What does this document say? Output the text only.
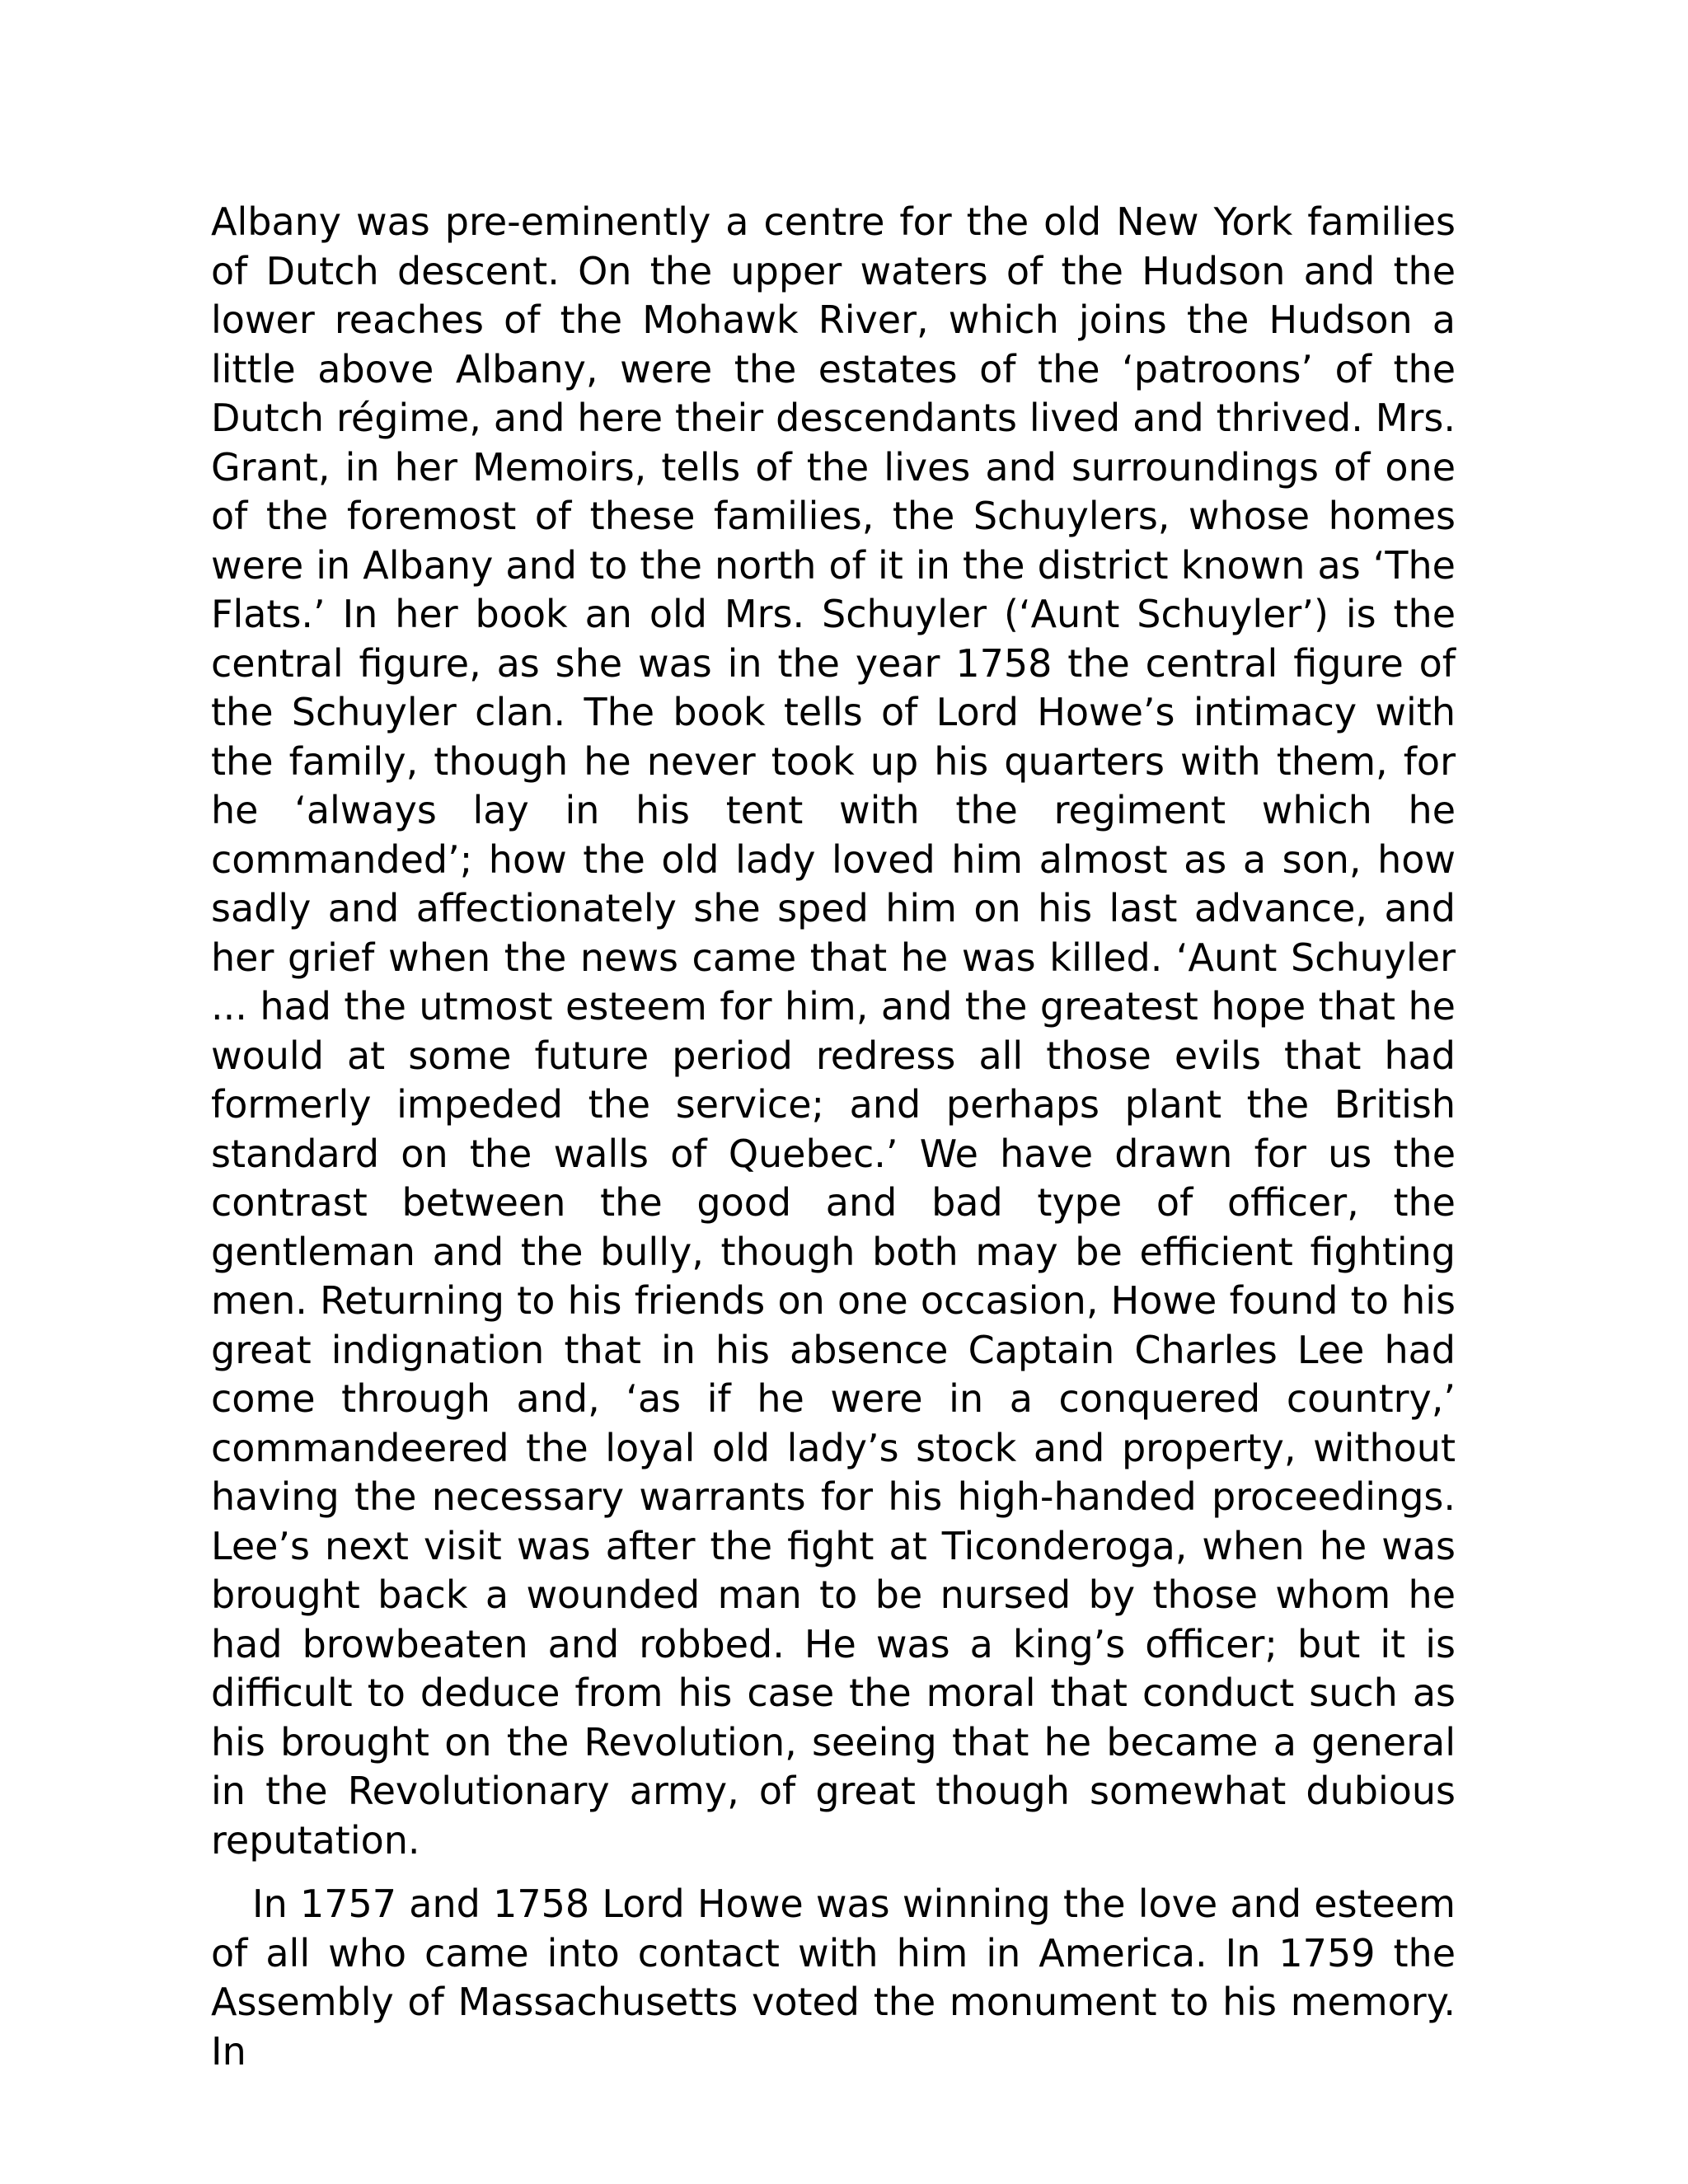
Albany was pre-eminently a centre for the old New York families of Dutch descent. On the upper waters of the Hudson and the lower reaches of the Mohawk River, which joins the Hudson a little above Albany, were the estates of the ‘patroons’ of the Dutch régime, and here their descendants lived and thrived. Mrs. Grant, in her Memoirs, tells of the lives and surroundings of one of the foremost of these families, the Schuylers, whose homes were in Albany and to the north of it in the district known as ‘The Flats.’ In her book an old Mrs. Schuyler (‘Aunt Schuyler’) is the central figure, as she was in the year 1758 the central figure of the Schuyler clan. The book tells of Lord Howe’s intimacy with the family, though he never took up his quarters with them, for he ‘always lay in his tent with the regiment which he commanded’; how the old lady loved him almost as a son, how sadly and affectionately she sped him on his last advance, and her grief when the news came that he was killed. ‘Aunt Schuyler ... had the utmost esteem for him, and the greatest hope that he would at some future period redress all those evils that had formerly impeded the service; and perhaps plant the British standard on the walls of Quebec.’ We have drawn for us the contrast between the good and bad type of officer, the gentleman and the bully, though both may be efficient fighting men. Returning to his friends on one occasion, Howe found to his great indignation that in his absence Captain Charles Lee had come through and, ‘as if he were in a conquered country,’ commandeered the loyal old lady’s stock and property, without having the necessary warrants for his high-handed proceedings. Lee’s next visit was after the fight at Ticonderoga, when he was brought back a wounded man to be nursed by those whom he had browbeaten and robbed. He was a king’s officer; but it is difficult to deduce from his case the moral that conduct such as his brought on the Revolution, seeing that he became a general in the Revolutionary army, of great though somewhat dubious reputation.

In 1757 and 1758 Lord Howe was winning the love and esteem of all who came into contact with him in America. In 1759 the Assembly of Massachusetts voted the monument to his memory. In
